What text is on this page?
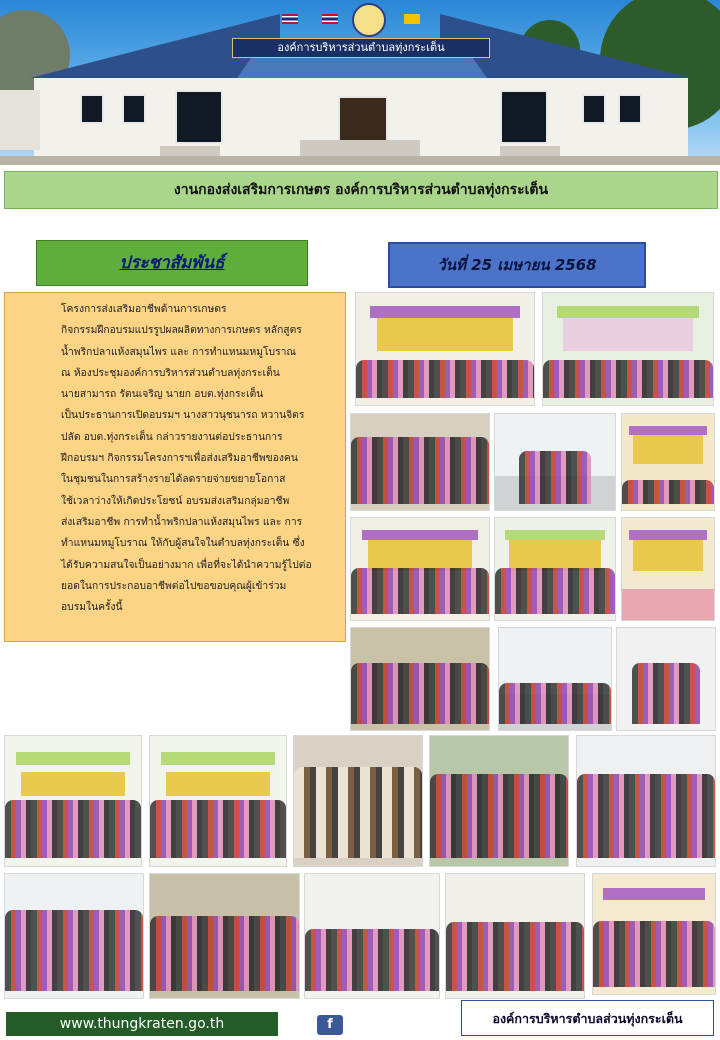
องค์การบริหารส่วนตำบลทุ่งกระเต็น
งานกองส่งเสริมการเกษตร องค์การบริหารส่วนตำบลทุ่งกระเต็น
ประชาสัมพันธ์	วันที่ 25 เมษายน 2568
โครงการส่งเสริมอาชีพด้านการเกษตร
กิจกรรมฝึกอบรมแปรรูปผลผลิตทางการเกษตร หลักสูตร
น้ำพริกปลาแห้งสมุนไพร และ การทำแหนมหมูโบราณ
ณ ห้องประชุมองค์การบริหารส่วนตำบลทุ่งกระเต็น
นายสามารถ รัตนเจริญ นายก อบต.ทุ่งกระเต็น
เป็นประธานการเปิดอบรมฯ นางสาวนุชนารถ หวานจิตร
ปลัด อบต.ทุ่งกระเต็น กล่าวรายงานต่อประธานการ
ฝึกอบรมฯ กิจกรรมโครงการฯเพื่อส่งเสริมอาชีพของคน
ในชุมชนในการสร้างรายได้ลดรายจ่ายขยายโอกาส
ใช้เวลาว่างให้เกิดประโยชน์ อบรมส่งเสริมกลุ่มอาชีพ
ส่งเสริมอาชีพ การทำน้ำพริกปลาแห้งสมุนไพร และ การ
ทำแหนมหมูโบราณ ให้กับผู้สนใจในตำบลทุ่งกระเต็น ซึ่ง
ได้รับความสนใจเป็นอย่างมาก เพื่อที่จะได้นำความรู้ไปต่อ
ยอดในการประกอบอาชีพต่อไปขอขอบคุณผู้เข้าร่วม
อบรมในครั้งนี้
www.thungkraten.go.th	f	องค์การบริหารตำบลส่วนทุ่งกระเต็น
